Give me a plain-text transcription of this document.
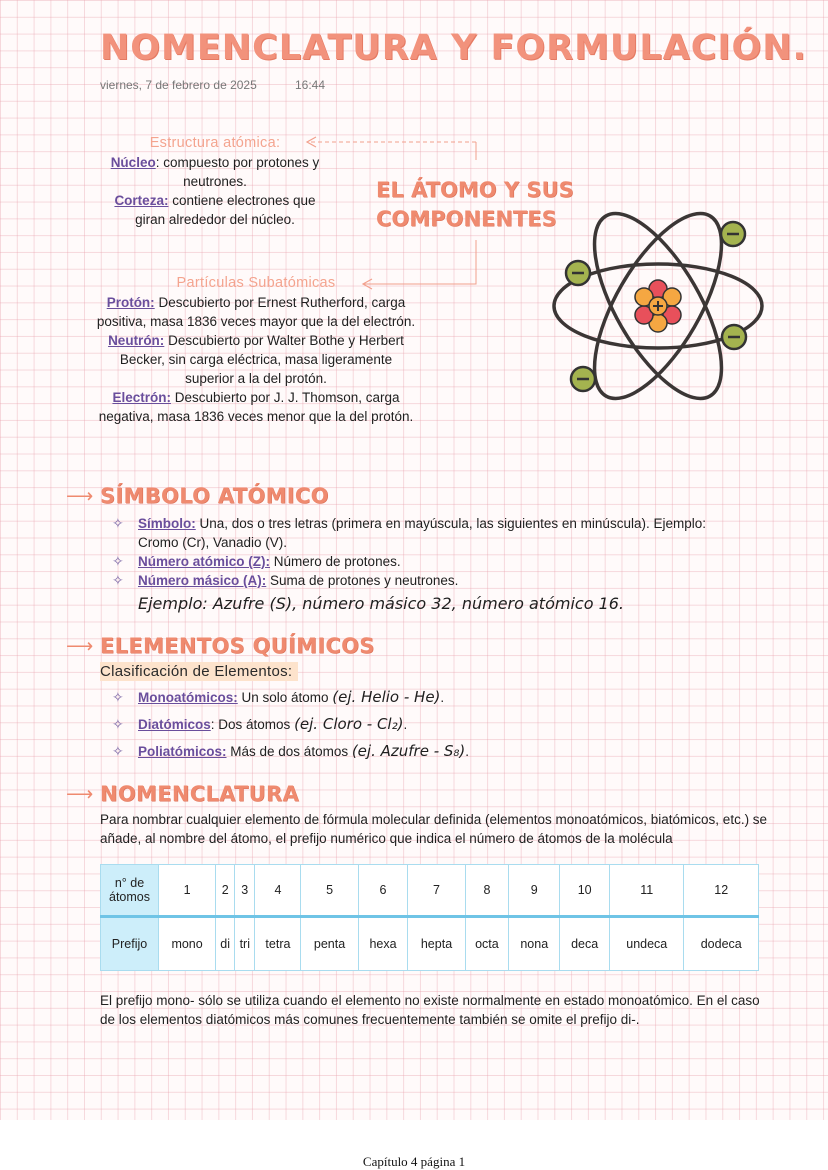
NOMENCLATURA Y FORMULACIÓN.
viernes, 7 de febrero de 2025	16:44
Estructura atómica:
Núcleo: compuesto por protones y neutrones.
Corteza: contiene electrones que giran alrededor del núcleo.
EL ÁTOMO Y SUS
COMPONENTES
Partículas Subatómicas
Protón: Descubierto por Ernest Rutherford, carga positiva, masa 1836 veces mayor que la del electrón.
Neutrón: Descubierto por Walter Bothe y Herbert Becker, sin carga eléctrica, masa ligeramente superior a la del protón.
Electrón: Descubierto por J. J. Thomson, carga negativa, masa 1836 veces menor que la del protón.
⟶ SÍMBOLO ATÓMICO
✧ Símbolo: Una, dos o tres letras (primera en mayúscula, las siguientes en minúscula). Ejemplo: Cromo (Cr), Vanadio (V).
✧ Número atómico (Z): Número de protones.
✧ Número másico (A): Suma de protones y neutrones.
Ejemplo: Azufre (S), número másico 32, número atómico 16.
⟶ ELEMENTOS QUÍMICOS
Clasificación de Elementos:
✧ Monoatómicos: Un solo átomo (ej. Helio - He).
✧ Diatómicos: Dos átomos (ej. Cloro - Cl₂).
✧ Poliatómicos: Más de dos átomos (ej. Azufre - S₈).
⟶ NOMENCLATURA
Para nombrar cualquier elemento de fórmula molecular definida (elementos monoatómicos, biatómicos, etc.) se añade, al nombre del átomo, el prefijo numérico que indica el número de átomos de la molécula
n° de átomos	1	2	3	4	5	6	7	8	9	10	11	12
Prefijo	mono	di	tri	tetra	penta	hexa	hepta	octa	nona	deca	undeca	dodeca
El prefijo mono- sólo se utiliza cuando el elemento no existe normalmente en estado monoatómico. En el caso de los elementos diatómicos más comunes frecuentemente también se omite el prefijo di-.
Capítulo 4 página 1
